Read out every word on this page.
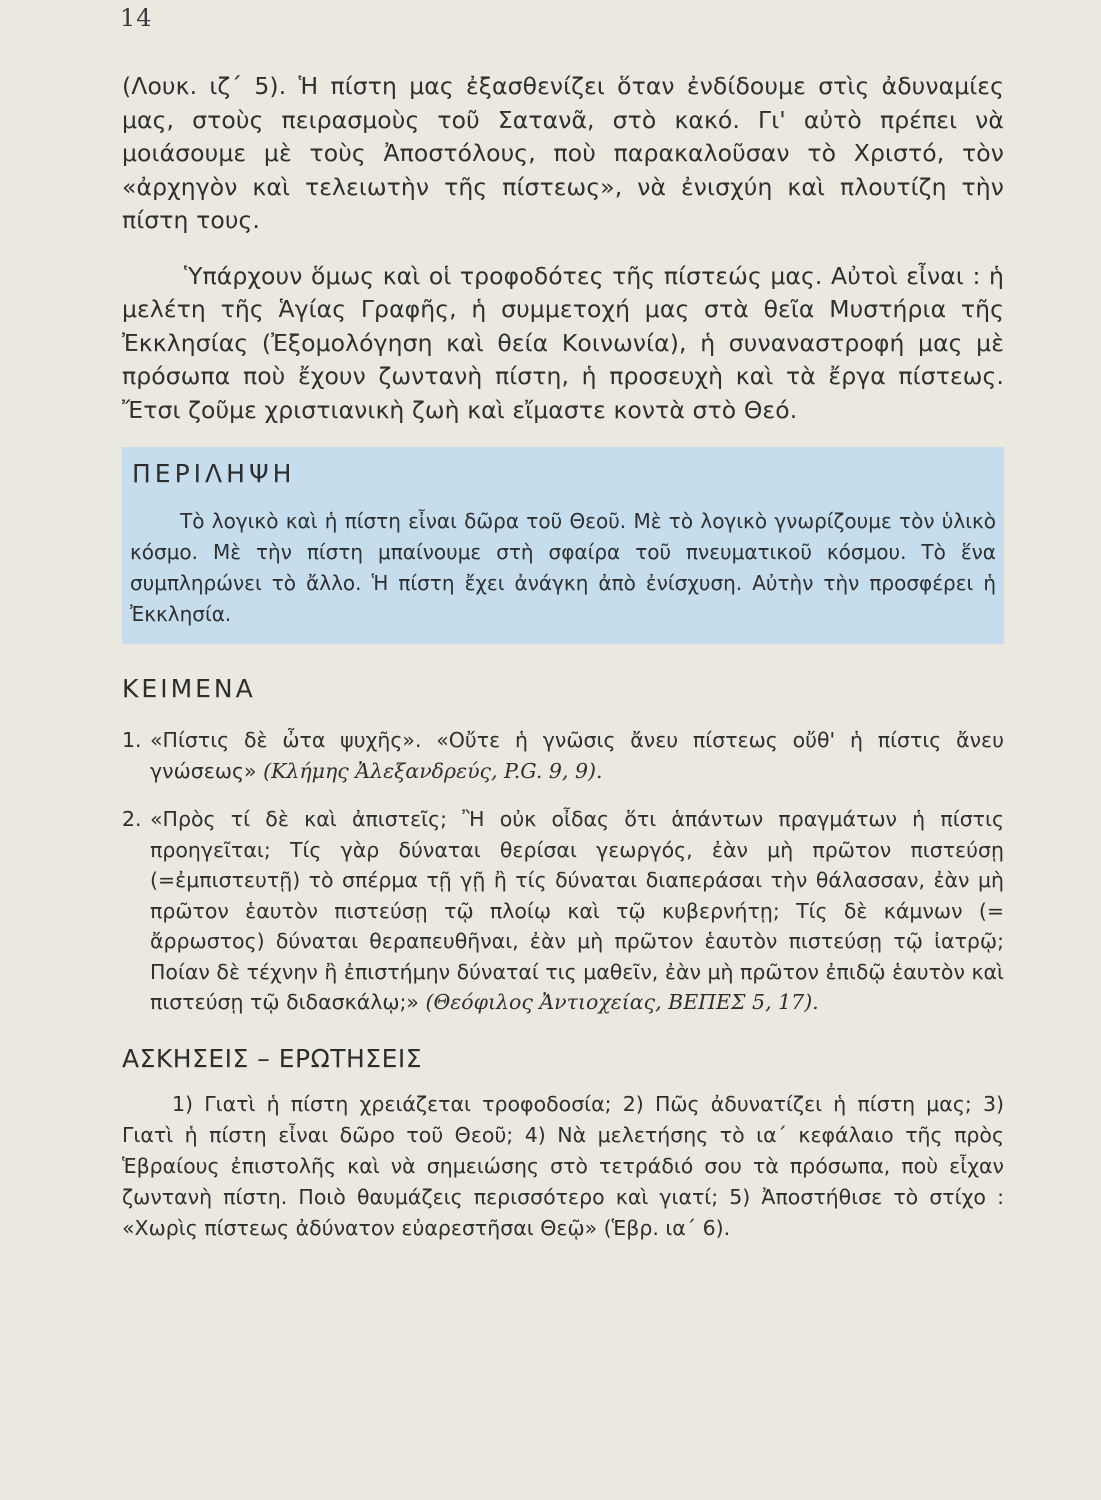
14

(Λουκ. ιζ΄ 5). Ἡ πίστη μας ἐξασθενίζει ὅταν ἐνδίδουμε στὶς ἀδυναμίες μας, στοὺς πειρασμοὺς τοῦ Σατανᾶ, στὸ κακό. Γι' αὐτὸ πρέπει νὰ μοιάσουμε μὲ τοὺς Ἀποστόλους, ποὺ παρακαλοῦσαν τὸ Χριστό, τὸν «ἀρχηγὸν καὶ τελειωτὴν τῆς πίστεως», νὰ ἐνισχύη καὶ πλουτίζη τὴν πίστη τους.

Ὑπάρχουν ὅμως καὶ οἱ τροφοδότες τῆς πίστεώς μας. Αὐτοὶ εἶναι : ἡ μελέτη τῆς Ἁγίας Γραφῆς, ἡ συμμετοχή μας στὰ θεῖα Μυστήρια τῆς Ἐκκλησίας (Ἐξομολόγηση καὶ θεία Κοινωνία), ἡ συναναστροφή μας μὲ πρόσωπα ποὺ ἔχουν ζωντανὴ πίστη, ἡ προσευχὴ καὶ τὰ ἔργα πίστεως. Ἔτσι ζοῦμε χριστιανικὴ ζωὴ καὶ εἴμαστε κοντὰ στὸ Θεό.

ΠΕΡΙΛΗΨΗ

Τὸ λογικὸ καὶ ἡ πίστη εἶναι δῶρα τοῦ Θεοῦ. Μὲ τὸ λογικὸ γνωρίζουμε τὸν ὑλικὸ κόσμο. Μὲ τὴν πίστη μπαίνουμε στὴ σφαίρα τοῦ πνευματικοῦ κόσμου. Τὸ ἕνα συμπληρώνει τὸ ἄλλο. Ἡ πίστη ἔχει ἀνάγκη ἀπὸ ἐνίσχυση. Αὐτὴν τὴν προσφέρει ἡ Ἐκκλησία.

ΚΕΙΜΕΝΑ
1. «Πίστις δὲ ὦτα ψυχῆς». «Οὔτε ἡ γνῶσις ἄνευ πίστεως οὔθ' ἡ πίστις ἄνευ γνώσεως» (Κλήμης Ἀλεξανδρεύς, P.G. 9, 9).
2. «Πρὸς τί δὲ καὶ ἀπιστεῖς; Ἢ οὐκ οἶδας ὅτι ἁπάντων πραγμάτων ἡ πίστις προηγεῖται; Τίς γὰρ δύναται θερίσαι γεωργός, ἐὰν μὴ πρῶτον πιστεύσῃ (=ἐμπιστευτῇ) τὸ σπέρμα τῇ γῇ ἢ τίς δύναται διαπεράσαι τὴν θάλασσαν, ἐὰν μὴ πρῶτον ἑαυτὸν πιστεύσῃ τῷ πλοίῳ καὶ τῷ κυβερνήτῃ; Τίς δὲ κάμνων (= ἄρρωστος) δύναται θεραπευθῆναι, ἐὰν μὴ πρῶτον ἑαυτὸν πιστεύσῃ τῷ ἰατρῷ; Ποίαν δὲ τέχνην ἢ ἐπιστήμην δύναταί τις μαθεῖν, ἐὰν μὴ πρῶτον ἐπιδῷ ἑαυτὸν καὶ πιστεύσῃ τῷ διδασκάλῳ;» (Θεόφιλος Ἀντιοχείας, ΒΕΠΕΣ 5, 17).
ΑΣΚΗΣΕΙΣ – ΕΡΩΤΗΣΕΙΣ

1) Γιατὶ ἡ πίστη χρειάζεται τροφοδοσία; 2) Πῶς ἀδυνατίζει ἡ πίστη μας; 3) Γιατὶ ἡ πίστη εἶναι δῶρο τοῦ Θεοῦ; 4) Νὰ μελετήσης τὸ ια΄ κεφάλαιο τῆς πρὸς Ἑβραίους ἐπιστολῆς καὶ νὰ σημειώσης στὸ τετράδιό σου τὰ πρόσωπα, ποὺ εἶχαν ζωντανὴ πίστη. Ποιὸ θαυμάζεις περισσότερο καὶ γιατί; 5) Ἀποστήθισε τὸ στίχο : «Χωρὶς πίστεως ἀδύνατον εὐαρεστῆσαι Θεῷ» (Ἑβρ. ια΄ 6).
